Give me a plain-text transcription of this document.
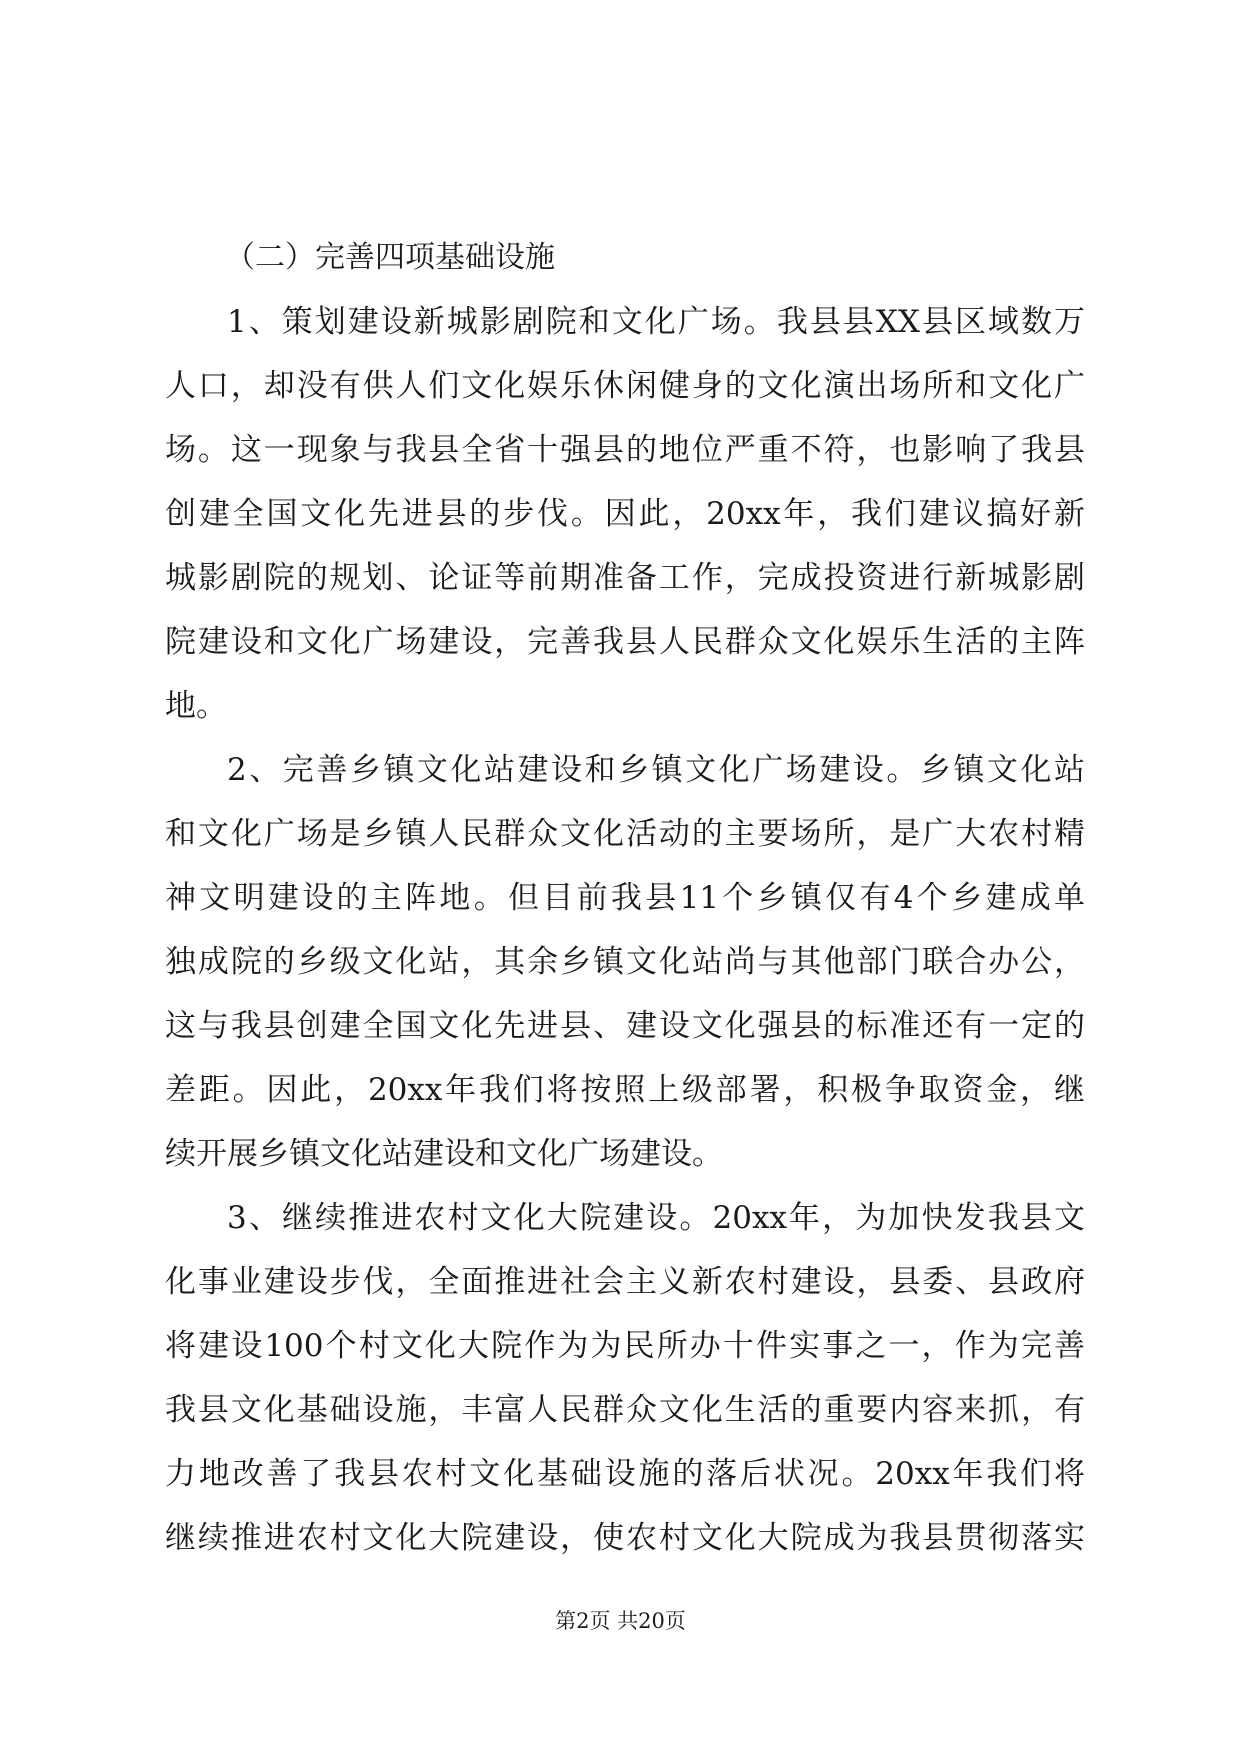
（二）完善四项基础设施
1、策划建设新城影剧院和文化广场。我县县XX县区域数万
人口，却没有供人们文化娱乐休闲健身的文化演出场所和文化广
场。这一现象与我县全省十强县的地位严重不符，也影响了我县
创建全国文化先进县的步伐。因此，20xx年，我们建议搞好新
城影剧院的规划、论证等前期准备工作，完成投资进行新城影剧
院建设和文化广场建设，完善我县人民群众文化娱乐生活的主阵
地。
2、完善乡镇文化站建设和乡镇文化广场建设。乡镇文化站
和文化广场是乡镇人民群众文化活动的主要场所，是广大农村精
神文明建设的主阵地。但目前我县11个乡镇仅有4个乡建成单
独成院的乡级文化站，其余乡镇文化站尚与其他部门联合办公，
这与我县创建全国文化先进县、建设文化强县的标准还有一定的
差距。因此，20xx年我们将按照上级部署，积极争取资金，继
续开展乡镇文化站建设和文化广场建设。
3、继续推进农村文化大院建设。20xx年，为加快发我县文
化事业建设步伐，全面推进社会主义新农村建设，县委、县政府
将建设100个村文化大院作为为民所办十件实事之一，作为完善
我县文化基础设施，丰富人民群众文化生活的重要内容来抓，有
力地改善了我县农村文化基础设施的落后状况。20xx年我们将
继续推进农村文化大院建设，使农村文化大院成为我县贯彻落实
第2页 共20页
